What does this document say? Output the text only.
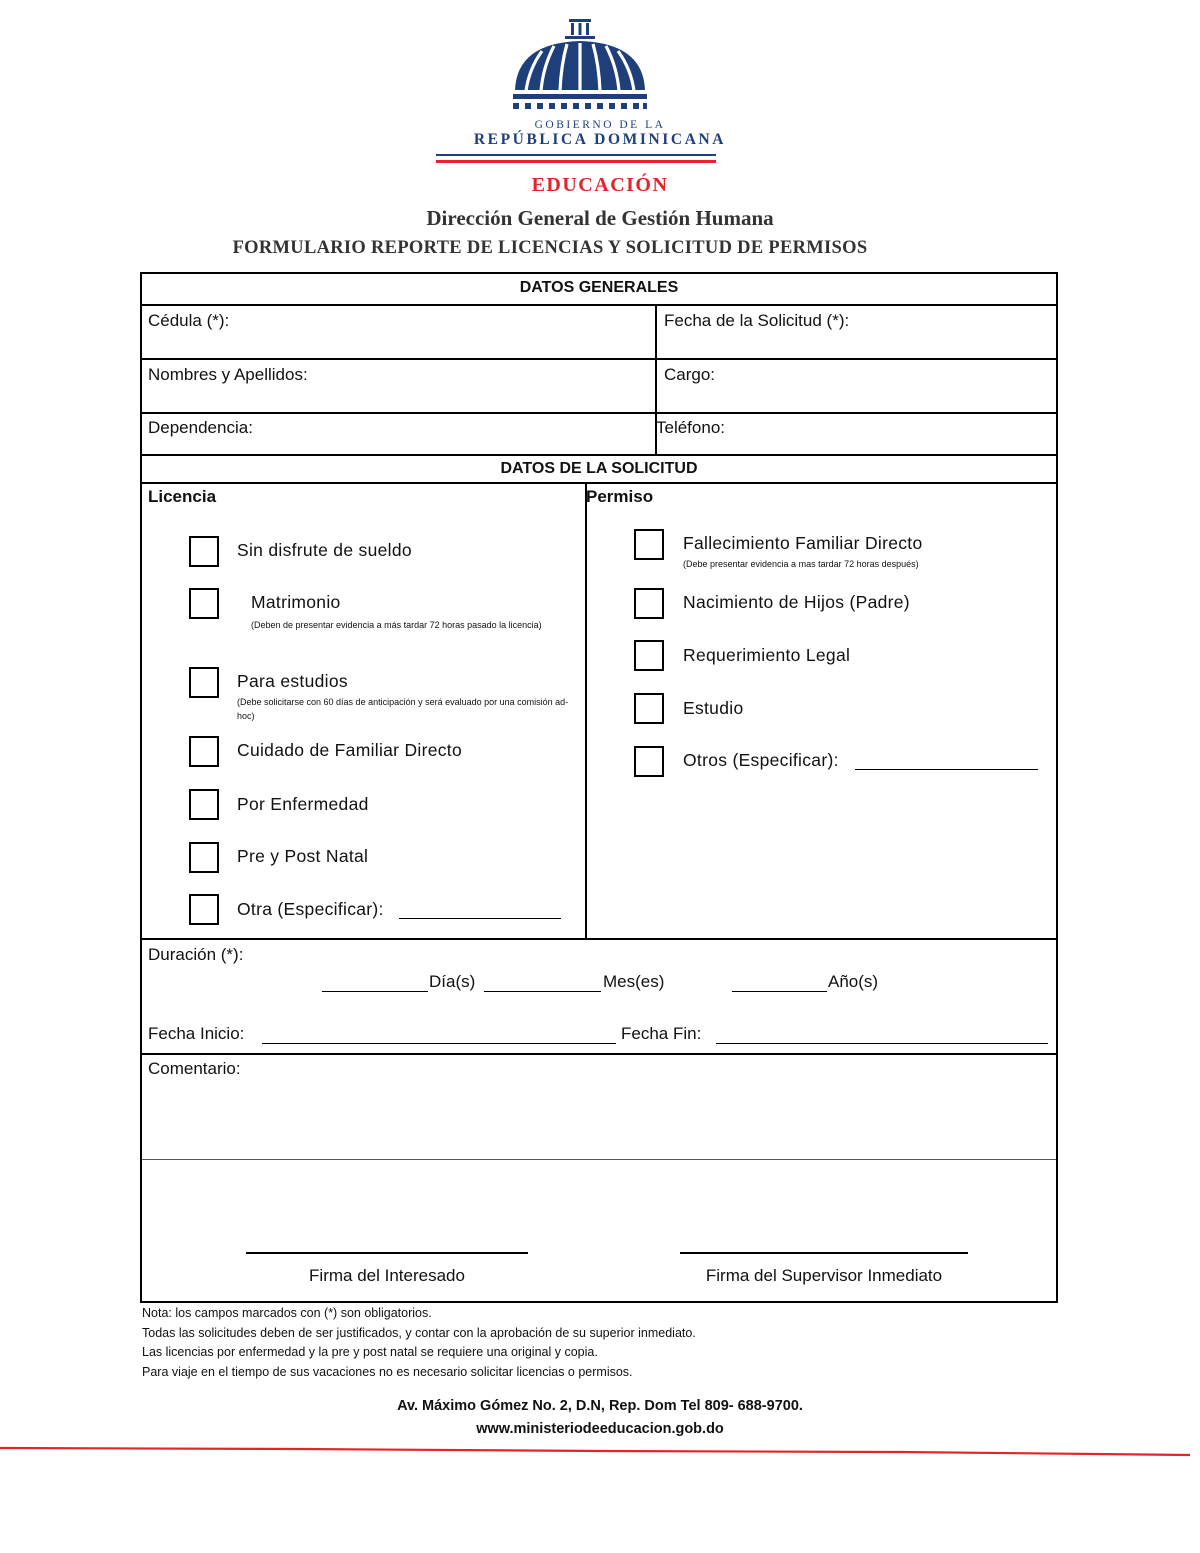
GOBIERNO DE LA
REPÚBLICA DOMINICANA
EDUCACIÓN
Dirección General de Gestión Humana
FORMULARIO REPORTE DE LICENCIAS Y SOLICITUD DE PERMISOS
DATOS GENERALES
Cédula (*):	Fecha de la Solicitud (*):
Nombres y Apellidos:	Cargo:
Dependencia:	Teléfono:
DATOS DE LA SOLICITUD
Licencia	Permiso
Sin disfrute de sueldo
Matrimonio
(Deben de presentar evidencia a más tardar 72 horas pasado la licencia)
Para estudios
(Debe solicitarse con 60 días de anticipación y será evaluado por una comisión ad-hoc)
Cuidado de Familiar Directo
Por Enfermedad
Pre y Post Natal
Otra (Especificar):
Fallecimiento Familiar Directo
(Debe presentar evidencia a mas tardar 72 horas después)
Nacimiento de Hijos (Padre)
Requerimiento Legal
Estudio
Otros (Especificar):
Duración (*):
Día(s)	Mes(es)	Año(s)
Fecha Inicio:	Fecha Fin:
Comentario:
Firma del Interesado	Firma del Supervisor Inmediato
Nota: los campos marcados con (*) son obligatorios.
Todas las solicitudes deben de ser justificados, y contar con la aprobación de su superior inmediato.
Las licencias por enfermedad y la pre y post natal se requiere una original y copia.
Para viaje en el tiempo de sus vacaciones no es necesario solicitar licencias o permisos.
Av. Máximo Gómez No. 2, D.N, Rep. Dom Tel 809- 688-9700.
www.ministeriodeeducacion.gob.do
